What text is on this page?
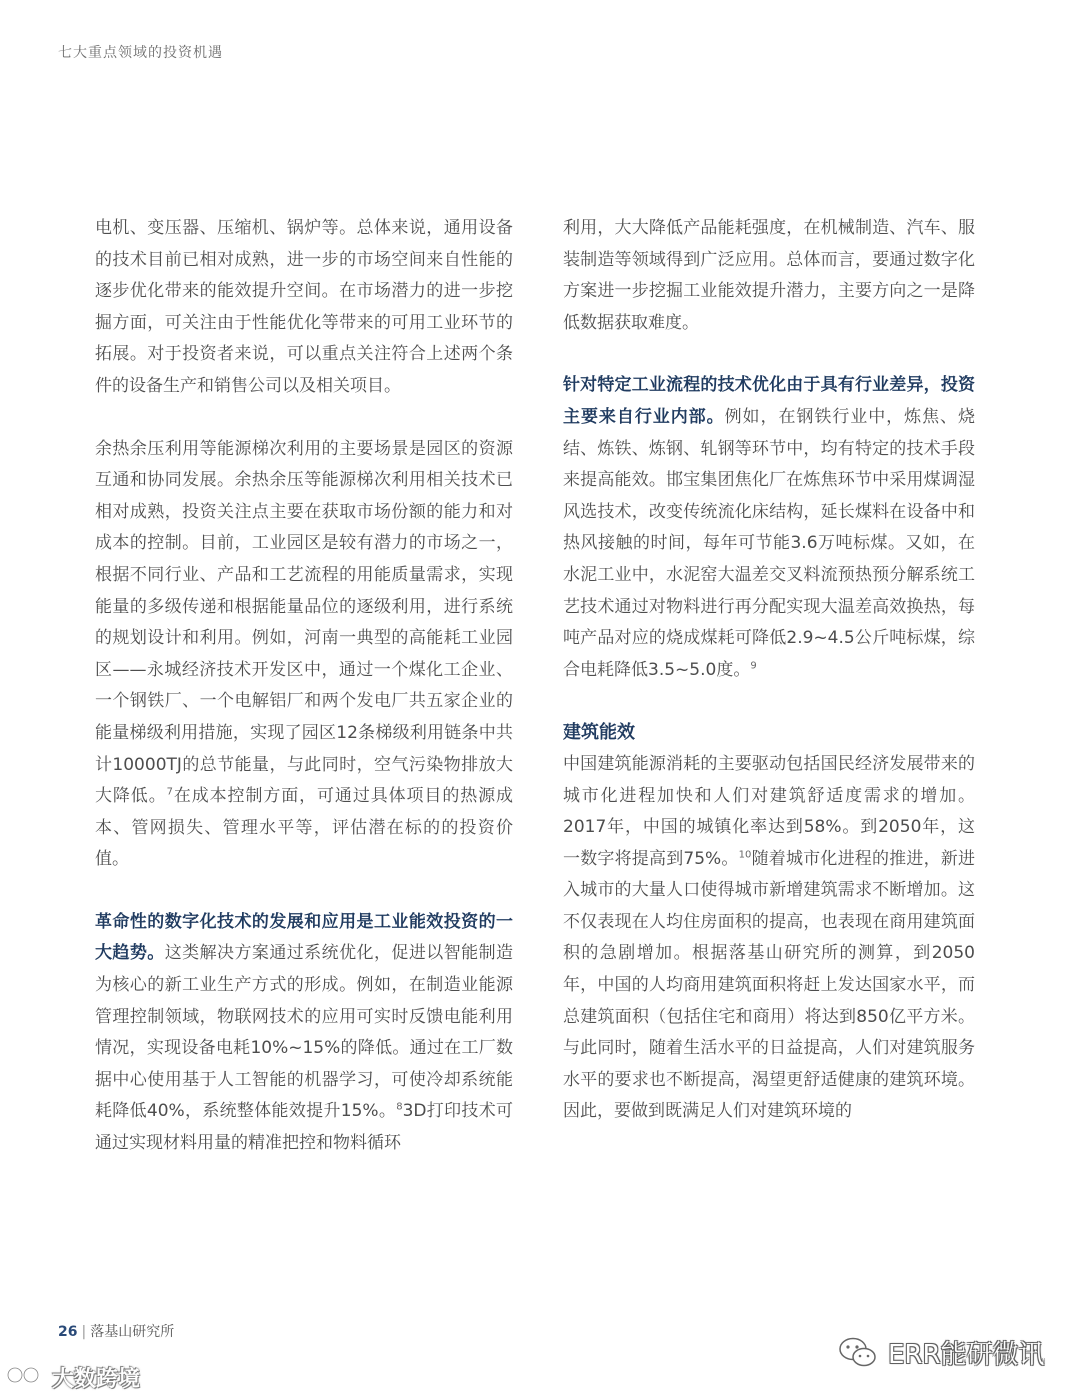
七大重点领域的投资机遇

电机、变压器、压缩机、锅炉等。总体来说，通用设备的技术目前已相对成熟，进一步的市场空间来自性能的逐步优化带来的能效提升空间。在市场潜力的进一步挖掘方面，可关注由于性能优化等带来的可用工业环节的拓展。对于投资者来说，可以重点关注符合上述两个条件的设备生产和销售公司以及相关项目。

余热余压利用等能源梯次利用的主要场景是园区的资源互通和协同发展。余热余压等能源梯次利用相关技术已相对成熟，投资关注点主要在获取市场份额的能力和对成本的控制。目前，工业园区是较有潜力的市场之一，根据不同行业、产品和工艺流程的用能质量需求，实现能量的多级传递和根据能量品位的逐级利用，进行系统的规划设计和利用。例如，河南一典型的高能耗工业园区——永城经济技术开发区中，通过一个煤化工企业、一个钢铁厂、一个电解铝厂和两个发电厂共五家企业的能量梯级利用措施，实现了园区12条梯级利用链条中共计10000TJ的总节能量，与此同时，空气污染物排放大大降低。$^7$在成本控制方面，可通过具体项目的热源成本、管网损失、管理水平等，评估潜在标的的投资价值。

革命性的数字化技术的发展和应用是工业能效投资的一大趋势。这类解决方案通过系统优化，促进以智能制造为核心的新工业生产方式的形成。例如，在制造业能源管理控制领域，物联网技术的应用可实时反馈电能利用情况，实现设备电耗10%~15%的降低。通过在工厂数据中心使用基于人工智能的机器学习，可使冷却系统能耗降低40%，系统整体能效提升15%。$^8$3D打印技术可通过实现材料用量的精准把控和物料循环

利用，大大降低产品能耗强度，在机械制造、汽车、服装制造等领域得到广泛应用。总体而言，要通过数字化方案进一步挖掘工业能效提升潜力，主要方向之一是降低数据获取难度。

针对特定工业流程的技术优化由于具有行业差异，投资主要来自行业内部。例如，在钢铁行业中，炼焦、烧结、炼铁、炼钢、轧钢等环节中，均有特定的技术手段来提高能效。邯宝集团焦化厂在炼焦环节中采用煤调湿风选技术，改变传统流化床结构，延长煤料在设备中和热风接触的时间，每年可节能3.6万吨标煤。又如，在水泥工业中，水泥窑大温差交叉料流预热预分解系统工艺技术通过对物料进行再分配实现大温差高效换热，每吨产品对应的烧成煤耗可降低2.9~4.5公斤吨标煤，综合电耗降低3.5~5.0度。$^9$

建筑能效

中国建筑能源消耗的主要驱动包括国民经济发展带来的城市化进程加快和人们对建筑舒适度需求的增加。2017年，中国的城镇化率达到58%。到2050年，这一数字将提高到75%。$^{10}$随着城市化进程的推进，新进入城市的大量人口使得城市新增建筑需求不断增加。这不仅表现在人均住房面积的提高，也表现在商用建筑面积的急剧增加。根据落基山研究所的测算，到2050年，中国的人均商用建筑面积将赶上发达国家水平，而总建筑面积（包括住宅和商用）将达到850亿平方米。与此同时，随着生活水平的日益提高，人们对建筑服务水平的要求也不断提高，渴望更舒适健康的建筑环境。因此，要做到既满足人们对建筑环境的

26 | 落基山研究所
大数跨境
ERR能研微讯
